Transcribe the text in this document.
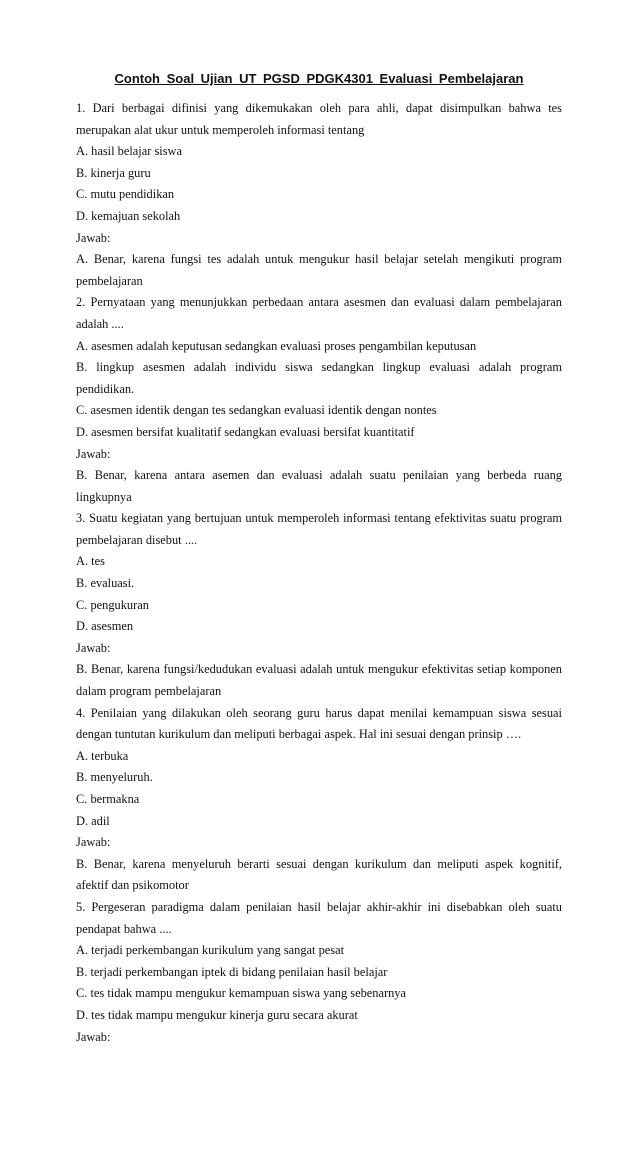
Contoh Soal Ujian UT PGSD PDGK4301 Evaluasi Pembelajaran

1. Dari berbagai difinisi yang dikemukakan oleh para ahli, dapat disimpulkan bahwa tes

merupakan alat ukur untuk memperoleh informasi tentang

A. hasil belajar siswa

B. kinerja guru

C. mutu pendidikan

D. kemajuan sekolah

Jawab:

A. Benar, karena fungsi tes adalah untuk mengukur hasil belajar setelah mengikuti program

pembelajaran

2. Pernyataan yang menunjukkan perbedaan antara asesmen dan evaluasi dalam pembelajaran

adalah ....

A. asesmen adalah keputusan sedangkan evaluasi proses pengambilan keputusan

B. lingkup asesmen adalah individu siswa sedangkan lingkup evaluasi adalah program

pendidikan.

C. asesmen identik dengan tes sedangkan evaluasi identik dengan nontes

D. asesmen bersifat kualitatif sedangkan evaluasi bersifat kuantitatif

Jawab:

B. Benar, karena antara asemen dan evaluasi adalah suatu penilaian yang berbeda ruang

lingkupnya

3. Suatu kegiatan yang bertujuan untuk memperoleh informasi tentang efektivitas suatu program

pembelajaran disebut ....

A. tes

B. evaluasi.

C. pengukuran

D. asesmen

Jawab:

B. Benar, karena fungsi/kedudukan evaluasi adalah untuk mengukur efektivitas setiap komponen

dalam program pembelajaran

4. Penilaian yang dilakukan oleh seorang guru harus dapat menilai kemampuan siswa sesuai

dengan tuntutan kurikulum dan meliputi berbagai aspek. Hal ini sesuai dengan prinsip ….

A. terbuka

B. menyeluruh.

C. bermakna

D. adil

Jawab:

B. Benar, karena menyeluruh berarti sesuai dengan kurikulum dan meliputi aspek kognitif,

afektif dan psikomotor

5. Pergeseran paradigma dalam penilaian hasil belajar akhir-akhir ini disebabkan oleh suatu

pendapat bahwa ....

A. terjadi perkembangan kurikulum yang sangat pesat

B. terjadi perkembangan iptek di bidang penilaian hasil belajar

C. tes tidak mampu mengukur kemampuan siswa yang sebenarnya

D. tes tidak mampu mengukur kinerja guru secara akurat

Jawab:
